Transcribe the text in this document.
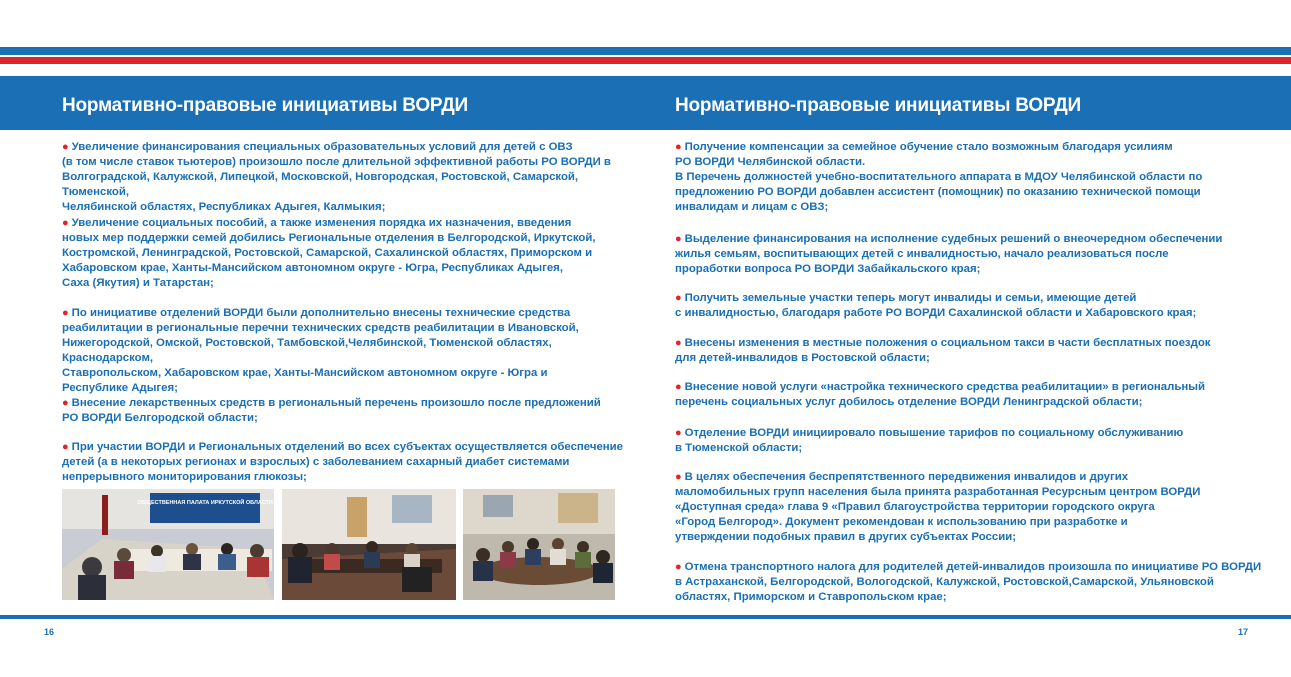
Нормативно-правовые инициативы ВОРДИ	Нормативно-правовые инициативы ВОРДИ

● Увеличение финансирования специальных образовательных условий для детей с ОВЗ
(в том числе ставок тьютеров) произошло после длительной эффективной работы РО ВОРДИ в
Волгоградской, Калужской, Липецкой, Московской, Новгородская, Ростовской, Самарской, Тюменской,
Челябинской областях, Республиках Адыгея, Калмыкия;

● Увеличение социальных пособий, а также изменения порядка их назначения, введения
новых мер поддержки семей добились Региональные отделения в Белгородской, Иркутской,
Костромской, Ленинградской, Ростовской, Самарской, Сахалинской областях, Приморском и
Хабаровском крае, Ханты-Мансийском автономном округе - Югра, Республиках Адыгея,
Саха (Якутия) и Татарстан;

● По инициативе отделений ВОРДИ были дополнительно внесены технические средства
реабилитации в региональные перечни технических средств реабилитации в Ивановской,
Нижегородской, Омской, Ростовской, Тамбовской,Челябинской, Тюменской областях, Краснодарском,
Ставропольском, Хабаровском крае, Ханты-Мансийском автономном округе - Югра и
Республике Адыгея;

● Внесение лекарственных средств в региональный перечень произошло после предложений
РО ВОРДИ Белгородской области;

● При участии ВОРДИ и Региональных отделений во всех субъектах осуществляется обеспечение
детей (а в некоторых регионах и взрослых) с заболеванием сахарный диабет системами
непрерывного мониторирования глюкозы;

ОБЩЕСТВЕННАЯ ПАЛАТА ИРКУТСКОЙ ОБЛАСТИ

● Получение компенсации за семейное обучение стало возможным благодаря усилиям
РО ВОРДИ Челябинской области.
В Перечень должностей учебно-воспитательного аппарата в МДОУ Челябинской области по
предложению РО ВОРДИ добавлен ассистент (помощник) по оказанию технической помощи
инвалидам и лицам с ОВЗ;

● Выделение финансирования на исполнение судебных решений о внеочередном обеспечении
жилья семьям, воспитывающих детей с инвалидностью, начало реализоваться после
проработки вопроса РО ВОРДИ Забайкальского края;

● Получить земельные участки теперь могут инвалиды и семьи, имеющие детей
с инвалидностью, благодаря работе РО ВОРДИ Сахалинской области и Хабаровского края;

● Внесены изменения в местные положения о социальном такси в части бесплатных поездок
для детей-инвалидов в Ростовской области;

● Внесение новой услуги «настройка технического средства реабилитации» в региональный
перечень социальных услуг добилось отделение ВОРДИ Ленинградской области;

● Отделение ВОРДИ инициировало повышение тарифов по социальному обслуживанию
в Тюменской области;

● В целях обеспечения беспрепятственного передвижения инвалидов и других
маломобильных групп населения была принята разработанная Ресурсным центром ВОРДИ
«Доступная среда» глава 9 «Правил благоустройства территории городского округа
«Город Белгород». Документ рекомендован к использованию при разработке и
утверждении подобных правил в других субъектах России;

● Отмена транспортного налога для родителей детей-инвалидов произошла по инициативе РО ВОРДИ
в Астраханской, Белгородской, Вологодской, Калужской, Ростовской,Самарской, Ульяновской
областях, Приморском и Ставропольском крае;

16	17
